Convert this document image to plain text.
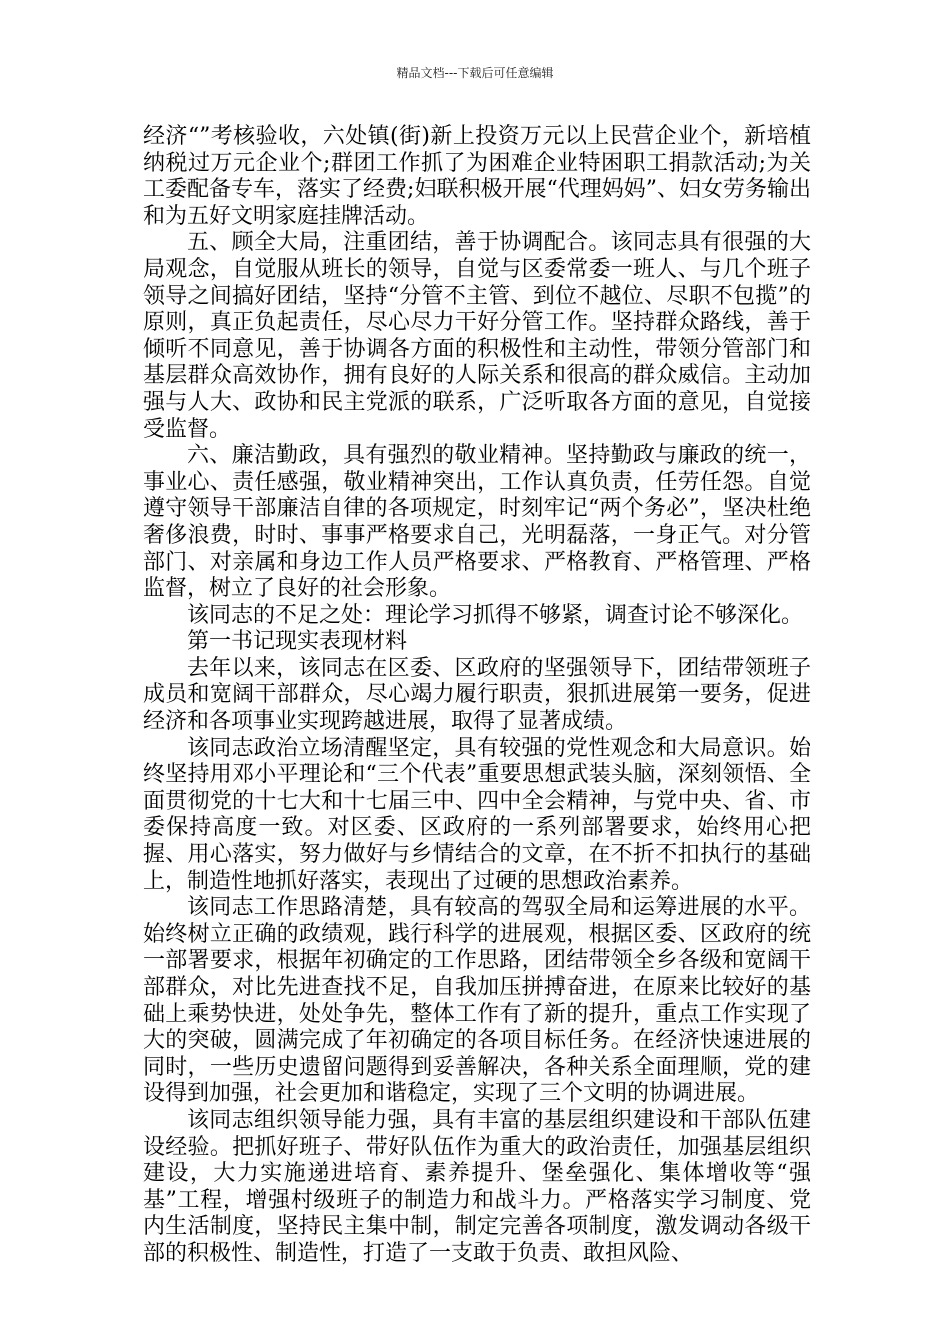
精品文档---下载后可任意编辑

经济“”考核验收，六处镇(街)新上投资万元以上民营企业个，新培植纳税过万元企业个;群团工作抓了为困难企业特困职工捐款活动;为关工委配备专车，落实了经费;妇联积极开展“代理妈妈”、妇女劳务输出和为五好文明家庭挂牌活动。

五、顾全大局，注重团结，善于协调配合。该同志具有很强的大局观念，自觉服从班长的领导，自觉与区委常委一班人、与几个班子领导之间搞好团结，坚持“分管不主管、到位不越位、尽职不包揽”的原则，真正负起责任，尽心尽力干好分管工作。坚持群众路线，善于倾听不同意见，善于协调各方面的积极性和主动性，带领分管部门和基层群众高效协作，拥有良好的人际关系和很高的群众威信。主动加强与人大、政协和民主党派的联系，广泛听取各方面的意见，自觉接受监督。

六、廉洁勤政，具有强烈的敬业精神。坚持勤政与廉政的统一，事业心、责任感强，敬业精神突出，工作认真负责，任劳任怨。自觉遵守领导干部廉洁自律的各项规定，时刻牢记“两个务必”，坚决杜绝奢侈浪费，时时、事事严格要求自己，光明磊落，一身正气。对分管部门、对亲属和身边工作人员严格要求、严格教育、严格管理、严格监督，树立了良好的社会形象。

该同志的不足之处：理论学习抓得不够紧，调查讨论不够深化。

第一书记现实表现材料

去年以来，该同志在区委、区政府的坚强领导下，团结带领班子成员和宽阔干部群众，尽心竭力履行职责，狠抓进展第一要务，促进经济和各项事业实现跨越进展，取得了显著成绩。

该同志政治立场清醒坚定，具有较强的党性观念和大局意识。始终坚持用邓小平理论和“三个代表”重要思想武装头脑，深刻领悟、全面贯彻党的十七大和十七届三中、四中全会精神，与党中央、省、市委保持高度一致。对区委、区政府的一系列部署要求，始终用心把握、用心落实，努力做好与乡情结合的文章，在不折不扣执行的基础上，制造性地抓好落实，表现出了过硬的思想政治素养。

该同志工作思路清楚，具有较高的驾驭全局和运筹进展的水平。始终树立正确的政绩观，践行科学的进展观，根据区委、区政府的统一部署要求，根据年初确定的工作思路，团结带领全乡各级和宽阔干部群众，对比先进查找不足，自我加压拼搏奋进，在原来比较好的基础上乘势快进，处处争先，整体工作有了新的提升，重点工作实现了大的突破，圆满完成了年初确定的各项目标任务。在经济快速进展的同时，一些历史遗留问题得到妥善解决，各种关系全面理顺，党的建设得到加强，社会更加和谐稳定，实现了三个文明的协调进展。

该同志组织领导能力强，具有丰富的基层组织建设和干部队伍建设经验。把抓好班子、带好队伍作为重大的政治责任，加强基层组织建设，大力实施递进培育、素养提升、堡垒强化、集体增收等“强基”工程，增强村级班子的制造力和战斗力。严格落实学习制度、党内生活制度，坚持民主集中制，制定完善各项制度，激发调动各级干部的积极性、制造性，打造了一支敢于负责、敢担风险、
